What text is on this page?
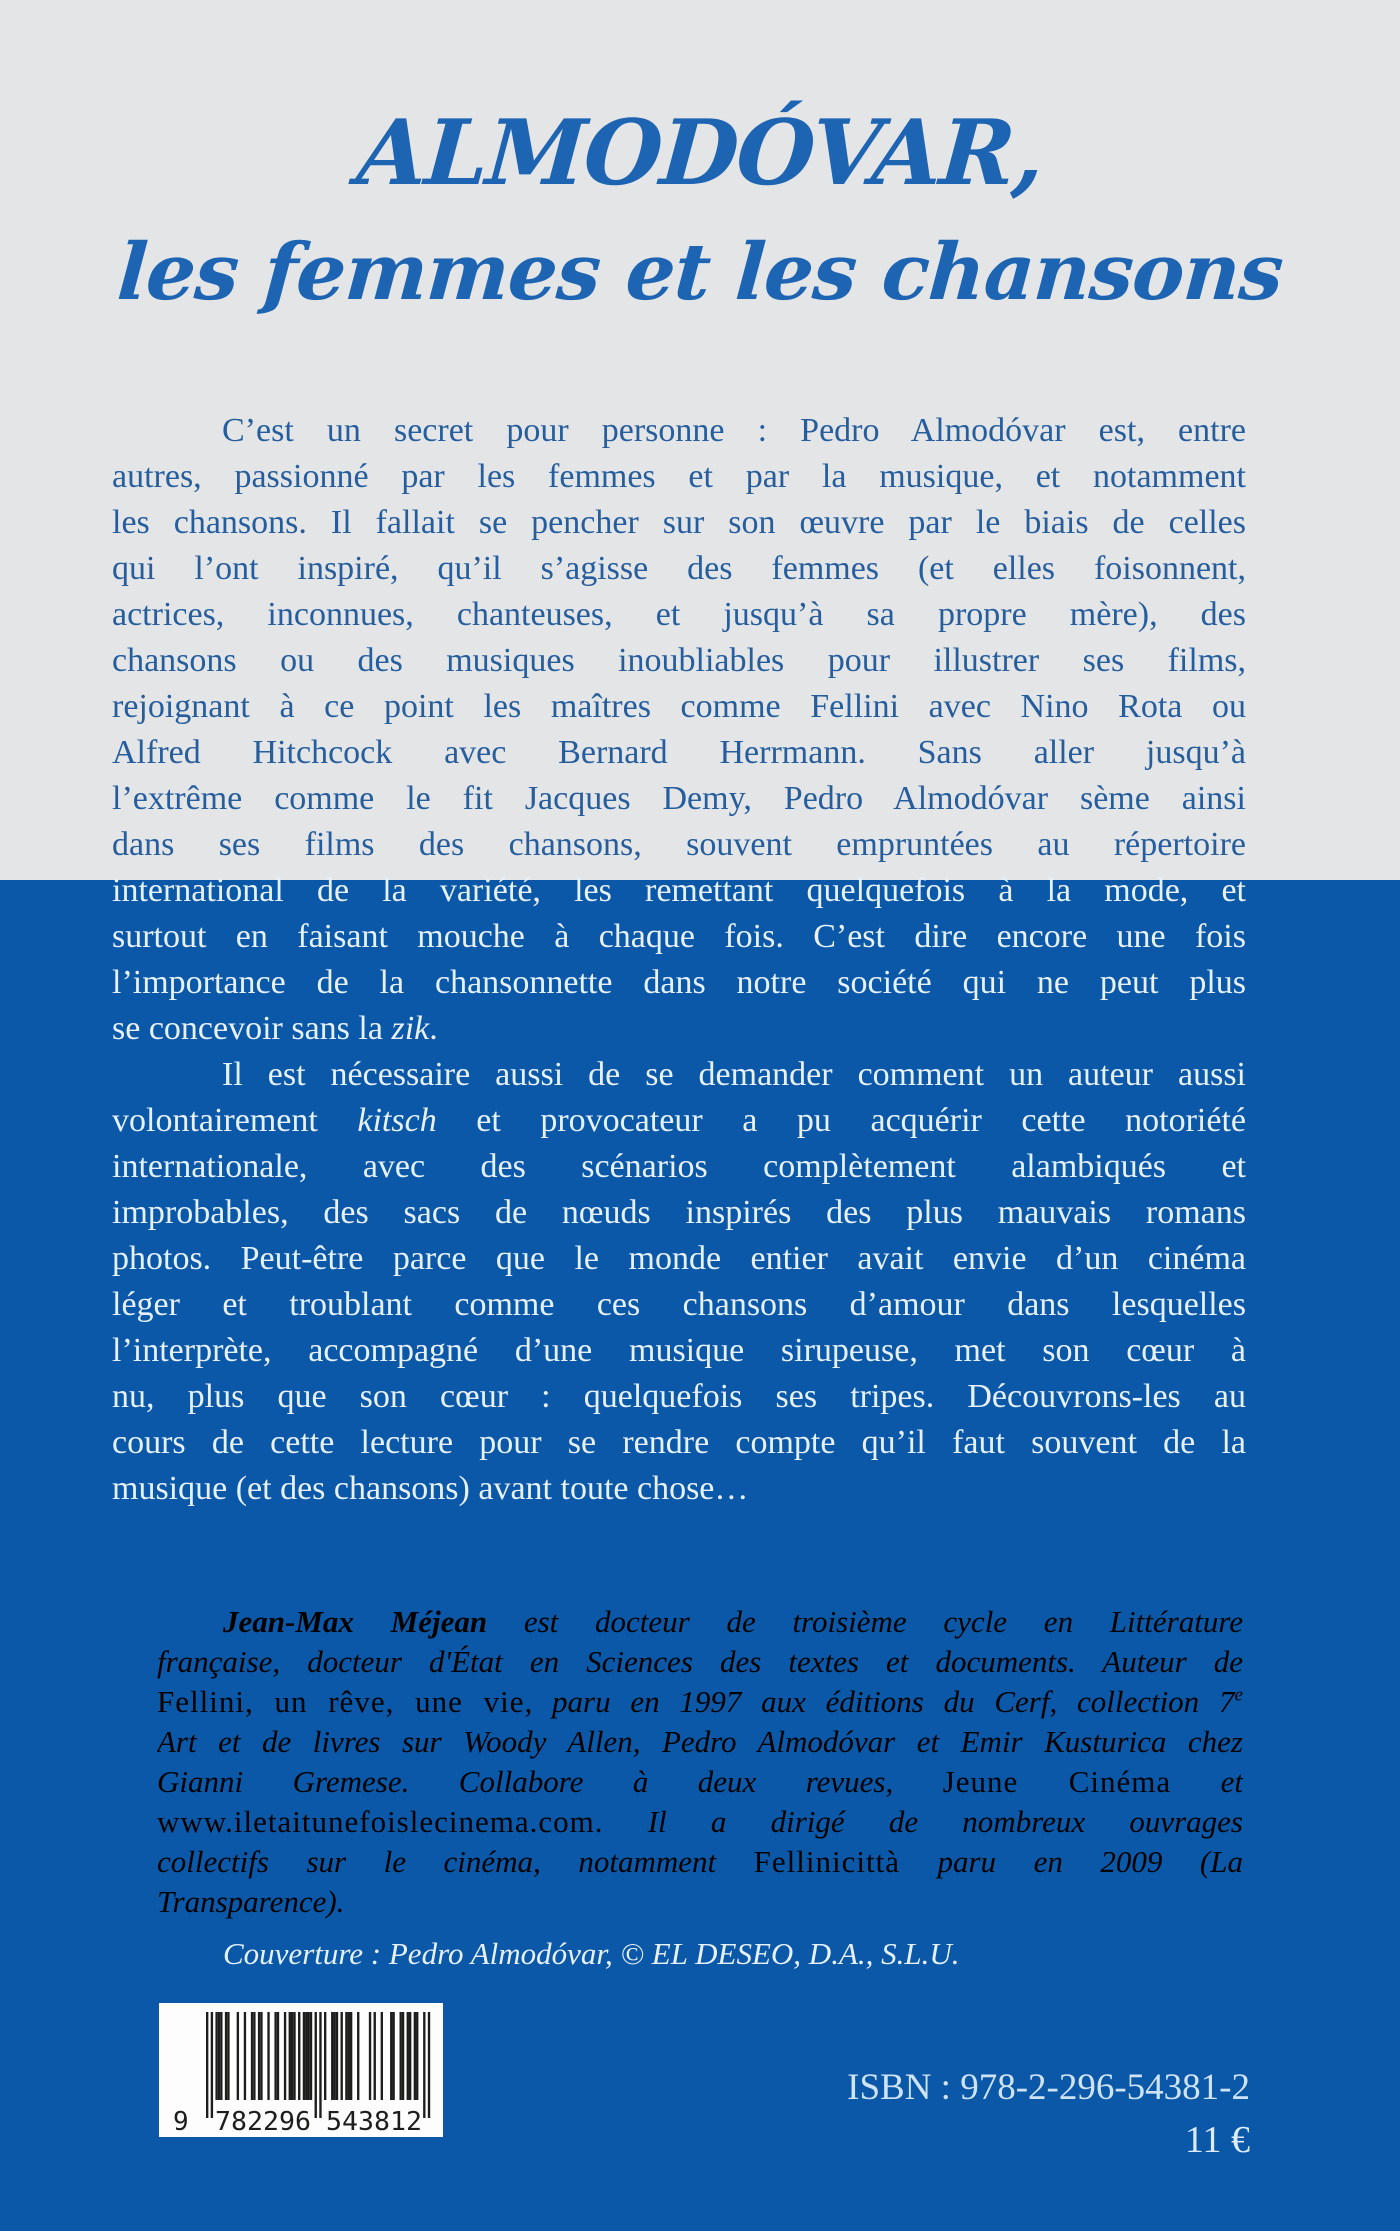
ALMODÓVAR,
les femmes et les chansons
C’est un secret pour personne : Pedro Almodóvar est, entre
autres, passionné par les femmes et par la musique, et notamment
les chansons. Il fallait se pencher sur son œuvre par le biais de celles
qui l’ont inspiré, qu’il s’agisse des femmes (et elles foisonnent,
actrices, inconnues, chanteuses, et jusqu’à sa propre mère), des
chansons ou des musiques inoubliables pour illustrer ses films,
rejoignant à ce point les maîtres comme Fellini avec Nino Rota ou
Alfred Hitchcock avec Bernard Herrmann. Sans aller jusqu’à
l’extrême comme le fit Jacques Demy, Pedro Almodóvar sème ainsi
dans ses films des chansons, souvent empruntées au répertoire
international de la variété, les remettant quelquefois à la mode, et
surtout en faisant mouche à chaque fois. C’est dire encore une fois
l’importance de la chansonnette dans notre société qui ne peut plus
se concevoir sans la zik.
Il est nécessaire aussi de se demander comment un auteur aussi
volontairement kitsch et provocateur a pu acquérir cette notoriété
internationale, avec des scénarios complètement alambiqués et
improbables, des sacs de nœuds inspirés des plus mauvais romans
photos. Peut-être parce que le monde entier avait envie d’un cinéma
léger et troublant comme ces chansons d’amour dans lesquelles
l’interprète, accompagné d’une musique sirupeuse, met son cœur à
nu, plus que son cœur : quelquefois ses tripes. Découvrons-les au
cours de cette lecture pour se rendre compte qu’il faut souvent de la
musique (et des chansons) avant toute chose…
Jean-Max Méjean est docteur de troisième cycle en Littérature
française, docteur d'État en Sciences des textes et documents. Auteur de
Fellini, un rêve, une vie, paru en 1997 aux éditions du Cerf, collection 7e
Art et de livres sur Woody Allen, Pedro Almodóvar et Emir Kusturica chez
Gianni Gremese. Collabore à deux revues, Jeune Cinéma et
www.iletaitunefoislecinema.com. Il a dirigé de nombreux ouvrages
collectifs sur le cinéma, notamment Fellinicittà paru en 2009 (La
Transparence).
Couverture : Pedro Almodóvar, © EL DESEO, D.A., S.L.U.
9 782296 543812
ISBN : 978-2-296-54381-2
11 €
